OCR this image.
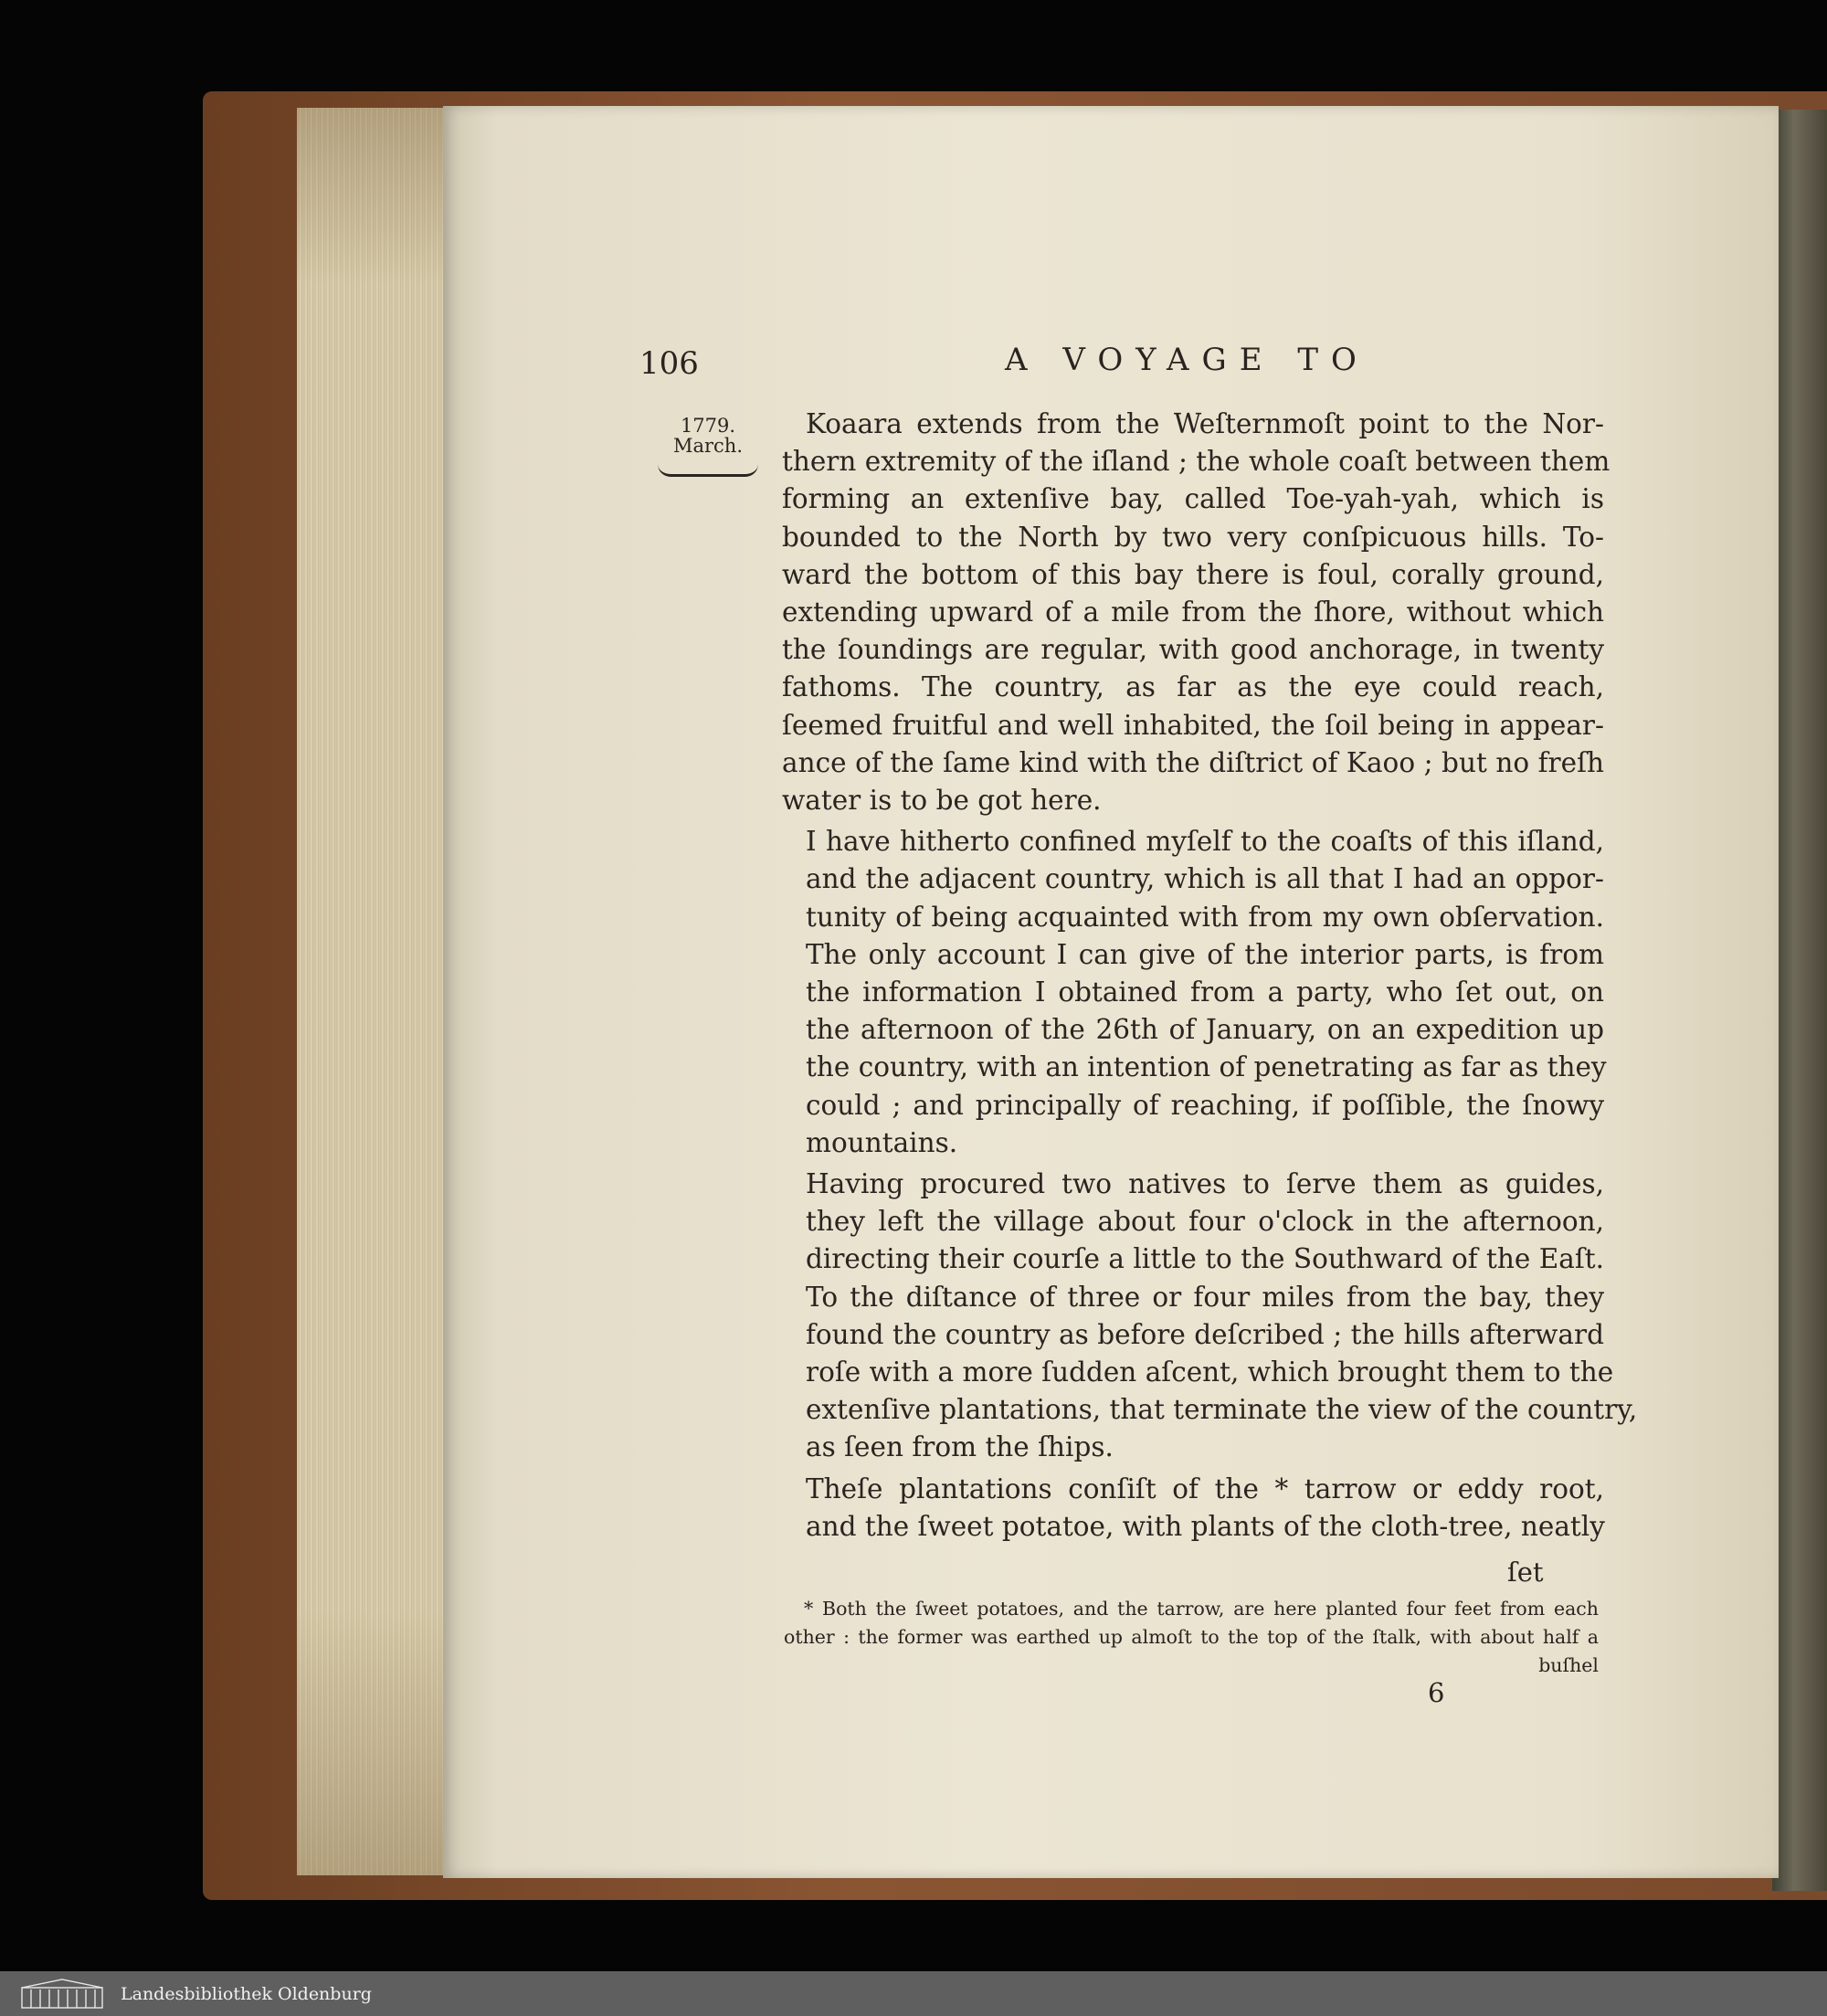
106	A VOYAGE TO
1779.
March.

Koaara extends from the Weſternmoſt point to the Nor-
thern extremity of the iſland ; the whole coaſt between them
forming an extenſive bay, called Toe-yah-yah, which is
bounded to the North by two very conſpicuous hills. To-
ward the bottom of this bay there is foul, corally ground,
extending upward of a mile from the ſhore, without which
the ſoundings are regular, with good anchorage, in twenty
fathoms. The country, as far as the eye could reach,
ſeemed fruitful and well inhabited, the ſoil being in appear-
ance of the ſame kind with the diſtrict of Kaoo ; but no freſh
water is to be got here.

I have hitherto confined myſelf to the coaſts of this iſland,
and the adjacent country, which is all that I had an oppor-
tunity of being acquainted with from my own obſervation.
The only account I can give of the interior parts, is from
the information I obtained from a party, who ſet out, on
the afternoon of the 26th of January, on an expedition up
the country, with an intention of penetrating as far as they
could ; and principally of reaching, if poſſible, the ſnowy
mountains.

Having procured two natives to ſerve them as guides,
they left the village about four o'clock in the afternoon,
directing their courſe a little to the Southward of the Eaſt.
To the diſtance of three or four miles from the bay, they
found the country as before deſcribed ; the hills afterward
roſe with a more ſudden aſcent, which brought them to the
extenſive plantations, that terminate the view of the country,
as ſeen from the ſhips.

Theſe plantations conſiſt of the * tarrow or eddy root,
and the ſweet potatoe, with plants of the cloth-tree, neatly

ſet
* Both the ſweet potatoes, and the tarrow, are here planted four feet from each
other : the former was earthed up almoſt to the top of the ſtalk, with about half a
buſhel
6
Landesbibliothek Oldenburg
